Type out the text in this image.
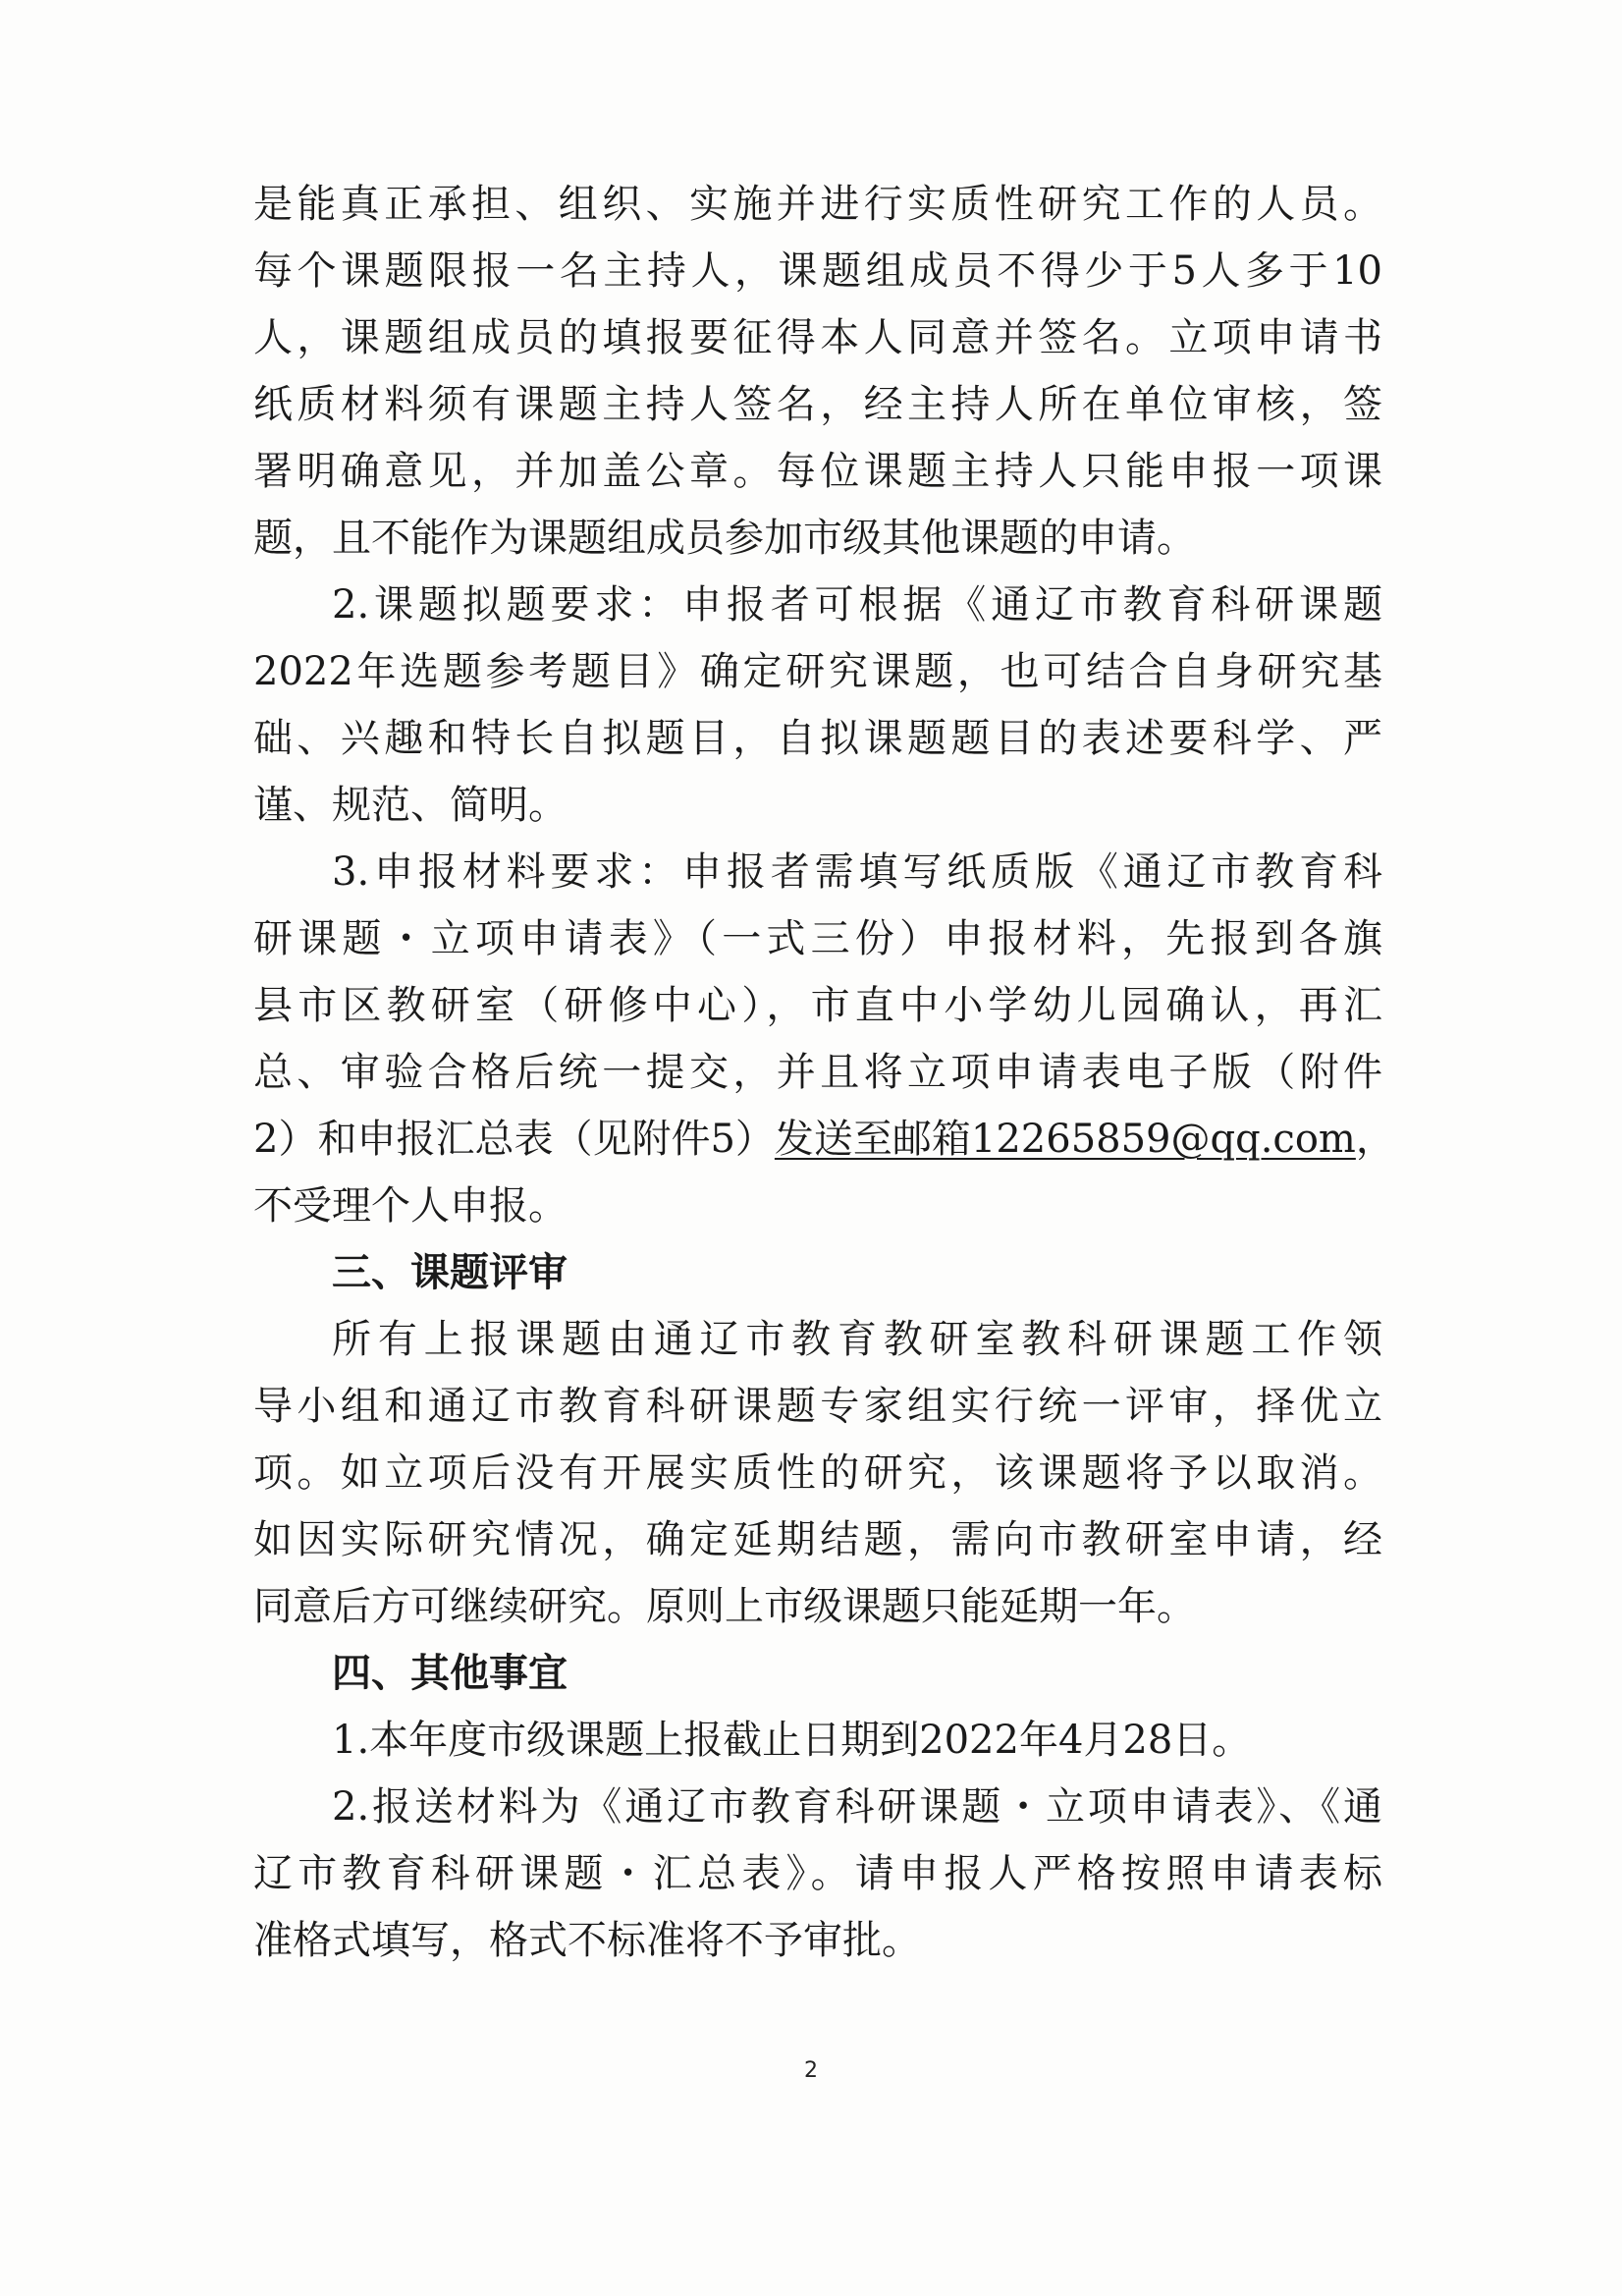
是能真正承担、组织、实施并进行实质性研究工作的人员。
每个课题限报一名主持人，课题组成员不得少于5人多于10
人，课题组成员的填报要征得本人同意并签名。立项申请书
纸质材料须有课题主持人签名，经主持人所在单位审核，签
署明确意见，并加盖公章。每位课题主持人只能申报一项课
题，且不能作为课题组成员参加市级其他课题的申请。
2.课题拟题要求：申报者可根据《通辽市教育科研课题
2022年选题参考题目》确定研究课题，也可结合自身研究基
础、兴趣和特长自拟题目，自拟课题题目的表述要科学、严
谨、规范、简明。
3.申报材料要求：申报者需填写纸质版《通辽市教育科
研课题・立项申请表》（一式三份）申报材料，先报到各旗
县市区教研室（研修中心），市直中小学幼儿园确认，再汇
总、审验合格后统一提交，并且将立项申请表电子版（附件
2）和申报汇总表（见附件5）发送至邮箱12265859@qq.com，
不受理个人申报。
三、课题评审
所有上报课题由通辽市教育教研室教科研课题工作领
导小组和通辽市教育科研课题专家组实行统一评审，择优立
项。如立项后没有开展实质性的研究，该课题将予以取消。
如因实际研究情况，确定延期结题，需向市教研室申请，经
同意后方可继续研究。原则上市级课题只能延期一年。
2
四、其他事宜
1.本年度市级课题上报截止日期到2022年4月28日。
2.报送材料为《通辽市教育科研课题・立项申请表》、《通
辽市教育科研课题・汇总表》。请申报人严格按照申请表标
准格式填写，格式不标准将不予审批。
